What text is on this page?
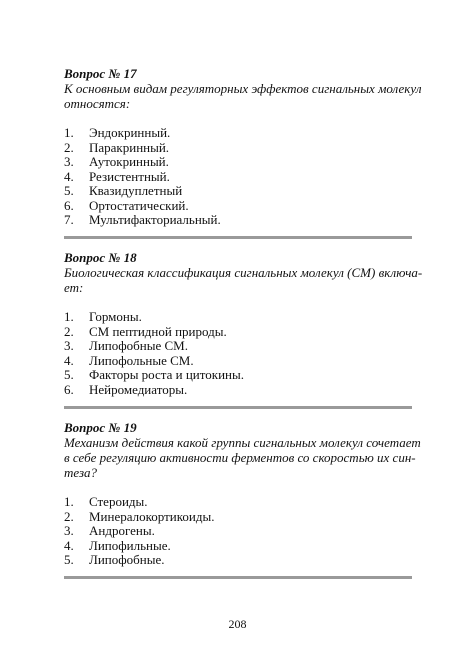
Вопрос № 17

К основным видам регуляторных эффектов сигнальных молекул
относятся:

1.	Эндокринный.
2.	Паракринный.
3.	Аутокринный.
4.	Резистентный.
5.	Квазидуплетный
6.	Ортостатический.
7.	Мультифакториальный.

Вопрос № 18

Биологическая классификация сигнальных молекул (СМ) включа-
ет:

1.	Гормоны.
2.	СМ пептидной природы.
3.	Липофобные СМ.
4.	Липофольные СМ.
5.	Факторы роста и цитокины.
6.	Нейромедиаторы.

Вопрос № 19

Механизм действия какой группы сигнальных молекул сочетает
в себе регуляцию активности ферментов со скоростью их син-
теза?

1.	Стероиды.
2.	Минералокортикоиды.
3.	Андрогены.
4.	Липофильные.
5.	Липофобные.
208
